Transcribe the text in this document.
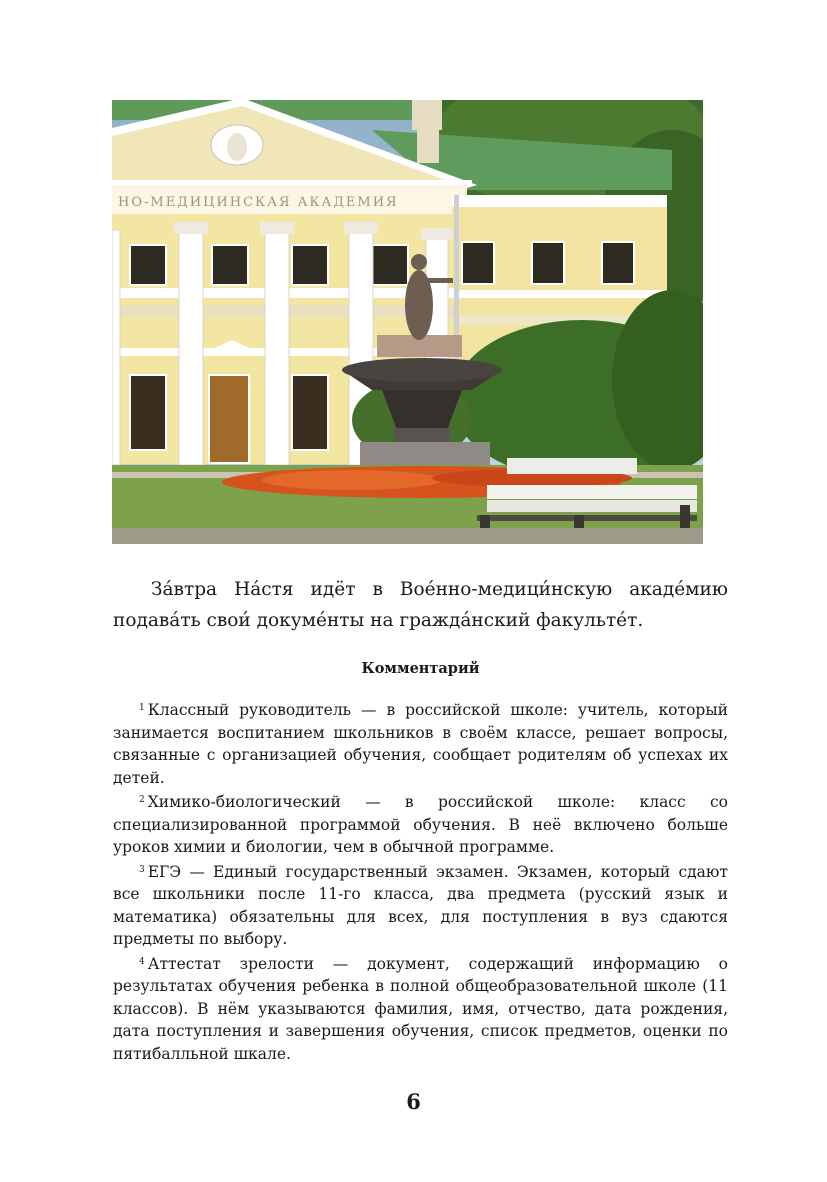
НО-МЕДИЦИНСКАЯ АКАДЕМИЯ

За́втра На́стя идёт в Вое́нно-медици́нскую акаде́мию подава́ть свои́ докуме́нты на гражда́нский факульте́т.

Комментарий

$^1$ Классный руководитель — в российской школе: учитель, который занимается воспитанием школьников в своём классе, решает вопросы, связанные с организацией обучения, сообщает родителям об успехах их детей.

$^2$ Химико-биологический — в российской школе: класс со специализированной программой обучения. В неё включено больше уроков химии и биологии, чем в обычной программе.

$^3$ ЕГЭ — Единый государственный экзамен. Экзамен, который сдают все школьники после 11-го класса, два предмета (русский язык и математика) обязательны для всех, для поступления в вуз сдаются предметы по выбору.

$^4$ Аттестат зрелости — документ, содержащий информацию о результатах обучения ребенка в полной общеобразовательной школе (11 классов). В нём указываются фамилия, имя, отчество, дата рождения, дата поступления и завершения обучения, список предметов, оценки по пятибалльной шкале.

6
